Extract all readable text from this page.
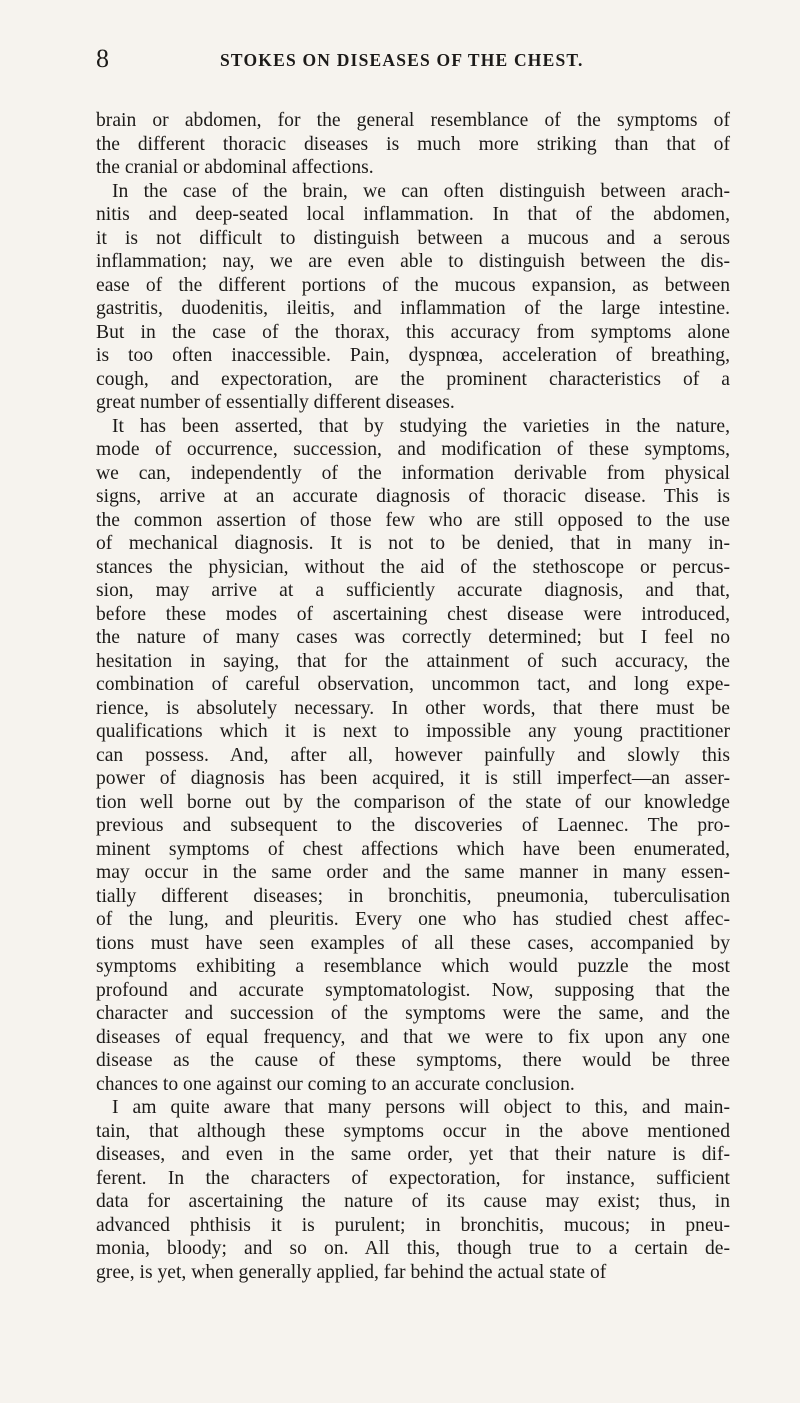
8	STOKES ON DISEASES OF THE CHEST.
brain or abdomen, for the general resemblance of the symptoms of
the different thoracic diseases is much more striking than that of
the cranial or abdominal affections.
In the case of the brain, we can often distinguish between arach-
nitis and deep-seated local inflammation. In that of the abdomen,
it is not difficult to distinguish between a mucous and a serous
inflammation; nay, we are even able to distinguish between the dis-
ease of the different portions of the mucous expansion, as between
gastritis, duodenitis, ileitis, and inflammation of the large intestine.
But in the case of the thorax, this accuracy from symptoms alone
is too often inaccessible. Pain, dyspnœa, acceleration of breathing,
cough, and expectoration, are the prominent characteristics of a
great number of essentially different diseases.
It has been asserted, that by studying the varieties in the nature,
mode of occurrence, succession, and modification of these symptoms,
we can, independently of the information derivable from physical
signs, arrive at an accurate diagnosis of thoracic disease. This is
the common assertion of those few who are still opposed to the use
of mechanical diagnosis. It is not to be denied, that in many in-
stances the physician, without the aid of the stethoscope or percus-
sion, may arrive at a sufficiently accurate diagnosis, and that,
before these modes of ascertaining chest disease were introduced,
the nature of many cases was correctly determined; but I feel no
hesitation in saying, that for the attainment of such accuracy, the
combination of careful observation, uncommon tact, and long expe-
rience, is absolutely necessary. In other words, that there must be
qualifications which it is next to impossible any young practitioner
can possess. And, after all, however painfully and slowly this
power of diagnosis has been acquired, it is still imperfect—an asser-
tion well borne out by the comparison of the state of our knowledge
previous and subsequent to the discoveries of Laennec. The pro-
minent symptoms of chest affections which have been enumerated,
may occur in the same order and the same manner in many essen-
tially different diseases; in bronchitis, pneumonia, tuberculisation
of the lung, and pleuritis. Every one who has studied chest affec-
tions must have seen examples of all these cases, accompanied by
symptoms exhibiting a resemblance which would puzzle the most
profound and accurate symptomatologist. Now, supposing that the
character and succession of the symptoms were the same, and the
diseases of equal frequency, and that we were to fix upon any one
disease as the cause of these symptoms, there would be three
chances to one against our coming to an accurate conclusion.
I am quite aware that many persons will object to this, and main-
tain, that although these symptoms occur in the above mentioned
diseases, and even in the same order, yet that their nature is dif-
ferent. In the characters of expectoration, for instance, sufficient
data for ascertaining the nature of its cause may exist; thus, in
advanced phthisis it is purulent; in bronchitis, mucous; in pneu-
monia, bloody; and so on. All this, though true to a certain de-
gree, is yet, when generally applied, far behind the actual state of
